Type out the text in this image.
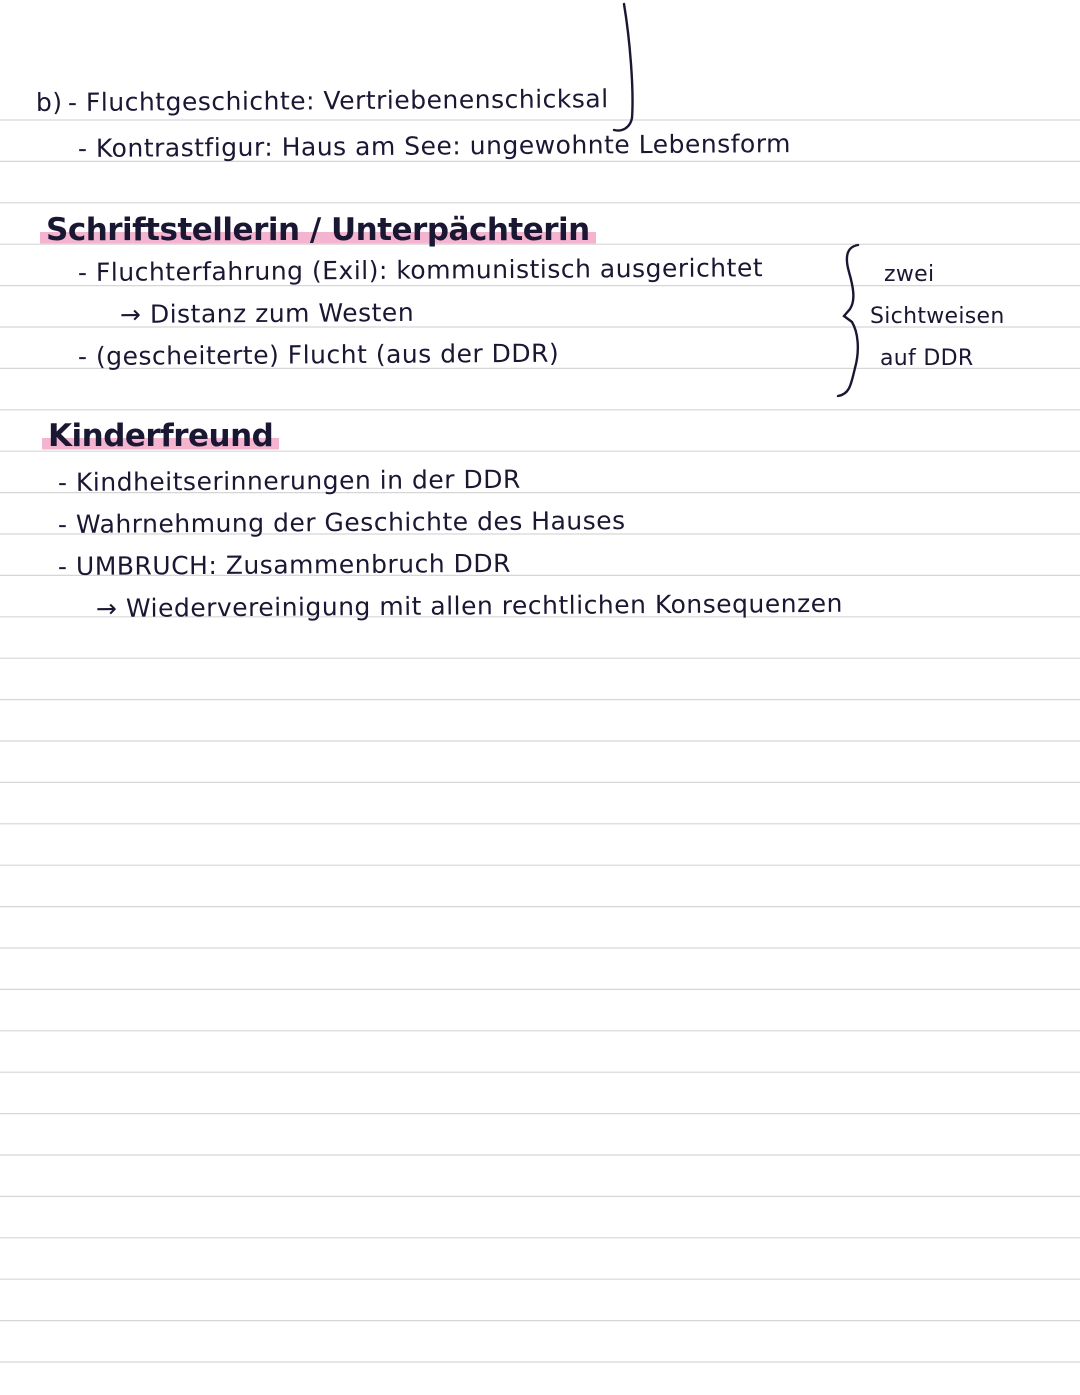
b) - Fluchtgeschichte: Vertriebenenschicksal
- Kontrastfigur: Haus am See: ungewohnte Lebensform
Schriftstellerin / Unterpächterin
- Fluchterfahrung (Exil): kommunistisch ausgerichtet
→ Distanz zum Westen
- (gescheiterte) Flucht (aus der DDR)
zwei
Sichtweisen
auf DDR
Kinderfreund
- Kindheitserinnerungen in der DDR
- Wahrnehmung der Geschichte des Hauses
- UMBRUCH: Zusammenbruch DDR
→ Wiedervereinigung mit allen rechtlichen Konsequenzen
